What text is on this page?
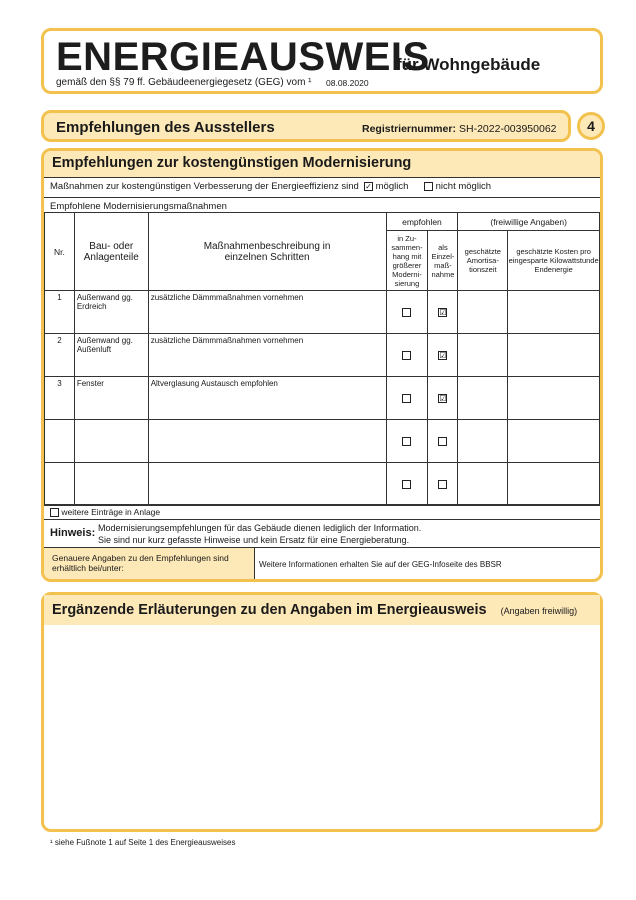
ENERGIEAUSWEIS
für Wohngebäude
gemäß den §§ 79 ff. Gebäudeenergiegesetz (GEG) vom ¹ 08.08.2020
Empfehlungen des Ausstellers	Registriernummer: SH-2022-003950062	4
Empfehlungen zur kostengünstigen Modernisierung
Maßnahmen zur kostengünstigen Verbesserung der Energieeffizienz sind ✓ möglich	nicht möglich
Empfohlene Modernisierungsmaßnahmen
Nr.	Bau- oder Anlagenteile	Maßnahmenbeschreibung in einzelnen Schritten	empfohlen		(freiwillige Angaben)	
			in Zu-sammen-hang mit größerer Moderni-sierung	als Einzel-maß-nahme	geschätzte Amortisa-tionszeit	geschätzte Kosten pro eingesparte Kilowattstunde Endenergie
1	Außenwand gg. Erdreich	zusätzliche Dämmmaßnahmen vornehmen		☑		
2	Außenwand gg. Außenluft	zusätzliche Dämmmaßnahmen vornehmen		☑		
3	Fenster	Altverglasung Austausch empfohlen		☑		

weitere Einträge in Anlage
Hinweis: Modernisierungsempfehlungen für das Gebäude dienen lediglich der Information.
Sie sind nur kurz gefasste Hinweise und kein Ersatz für eine Energieberatung.
Genauere Angaben zu den Empfehlungen sind erhältlich bei/unter:	Weitere Informationen erhalten Sie auf der GEG-Infoseite des BBSR
Ergänzende Erläuterungen zu den Angaben im Energieausweis (Angaben freiwillig)
¹ siehe Fußnote 1 auf Seite 1 des Energieausweises
